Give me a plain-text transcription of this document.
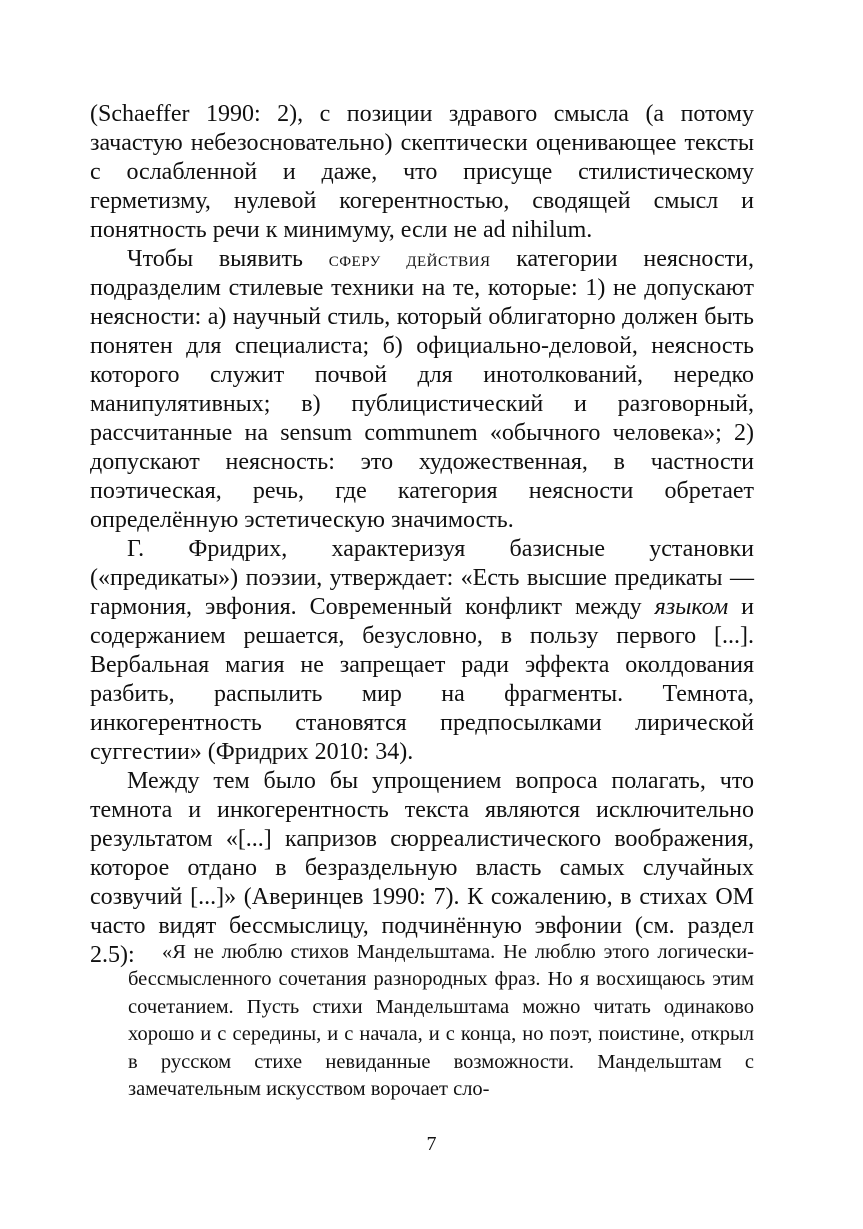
(Schaeffer 1990: 2), с позиции здравого смысла (а потому зачастую небезосновательно) скептически оценивающее тексты с ослабленной и даже, что присуще стилистическому герметизму, нулевой когерентностью, сводящей смысл и понятность речи к минимуму, если не ad nihilum.

Чтобы выявить сферу действия категории неясности, подразделим стилевые техники на те, которые: 1) не допускают неясности: а) научный стиль, который облигаторно должен быть понятен для специалиста; б) официально-деловой, неясность которого служит почвой для инотолкований, нередко манипулятивных; в) публицистический и разговорный, рассчитанные на sensum communem «обычного человека»; 2) допускают неясность: это художественная, в частности поэтическая, речь, где категория неясности обретает определённую эстетическую значимость.

Г. Фридрих, характеризуя базисные установки («предикаты») поэзии, утверждает: «Есть высшие предикаты — гармония, эвфония. Современный конфликт между языком и содержанием решается, безусловно, в пользу первого [...]. Вербальная магия не запрещает ради эффекта околдования разбить, распылить мир на фрагменты. Темнота, инкогерентность становятся предпосылками лирической суггестии» (Фридрих 2010: 34).

Между тем было бы упрощением вопроса полагать, что темнота и инкогерентность текста являются исключительно результатом «[...] капризов сюрреалистического воображения, которое отдано в безраздельную власть самых случайных созвучий [...]» (Аверинцев 1990: 7). К сожалению, в стихах ОМ часто видят бессмыслицу, подчинённую эвфонии (см. раздел 2.5):	«Я не люблю стихов Мандельштама. Не люблю этого логически-бессмысленного сочетания разнородных фраз. Но я восхищаюсь этим сочетанием. Пусть стихи Мандельштама можно читать одинаково хорошо и с середины, и с начала, и с конца, но поэт, поистине, открыл в русском стихе невиданные возможности. Мандельштам с замечательным искусством ворочает сло-

7
